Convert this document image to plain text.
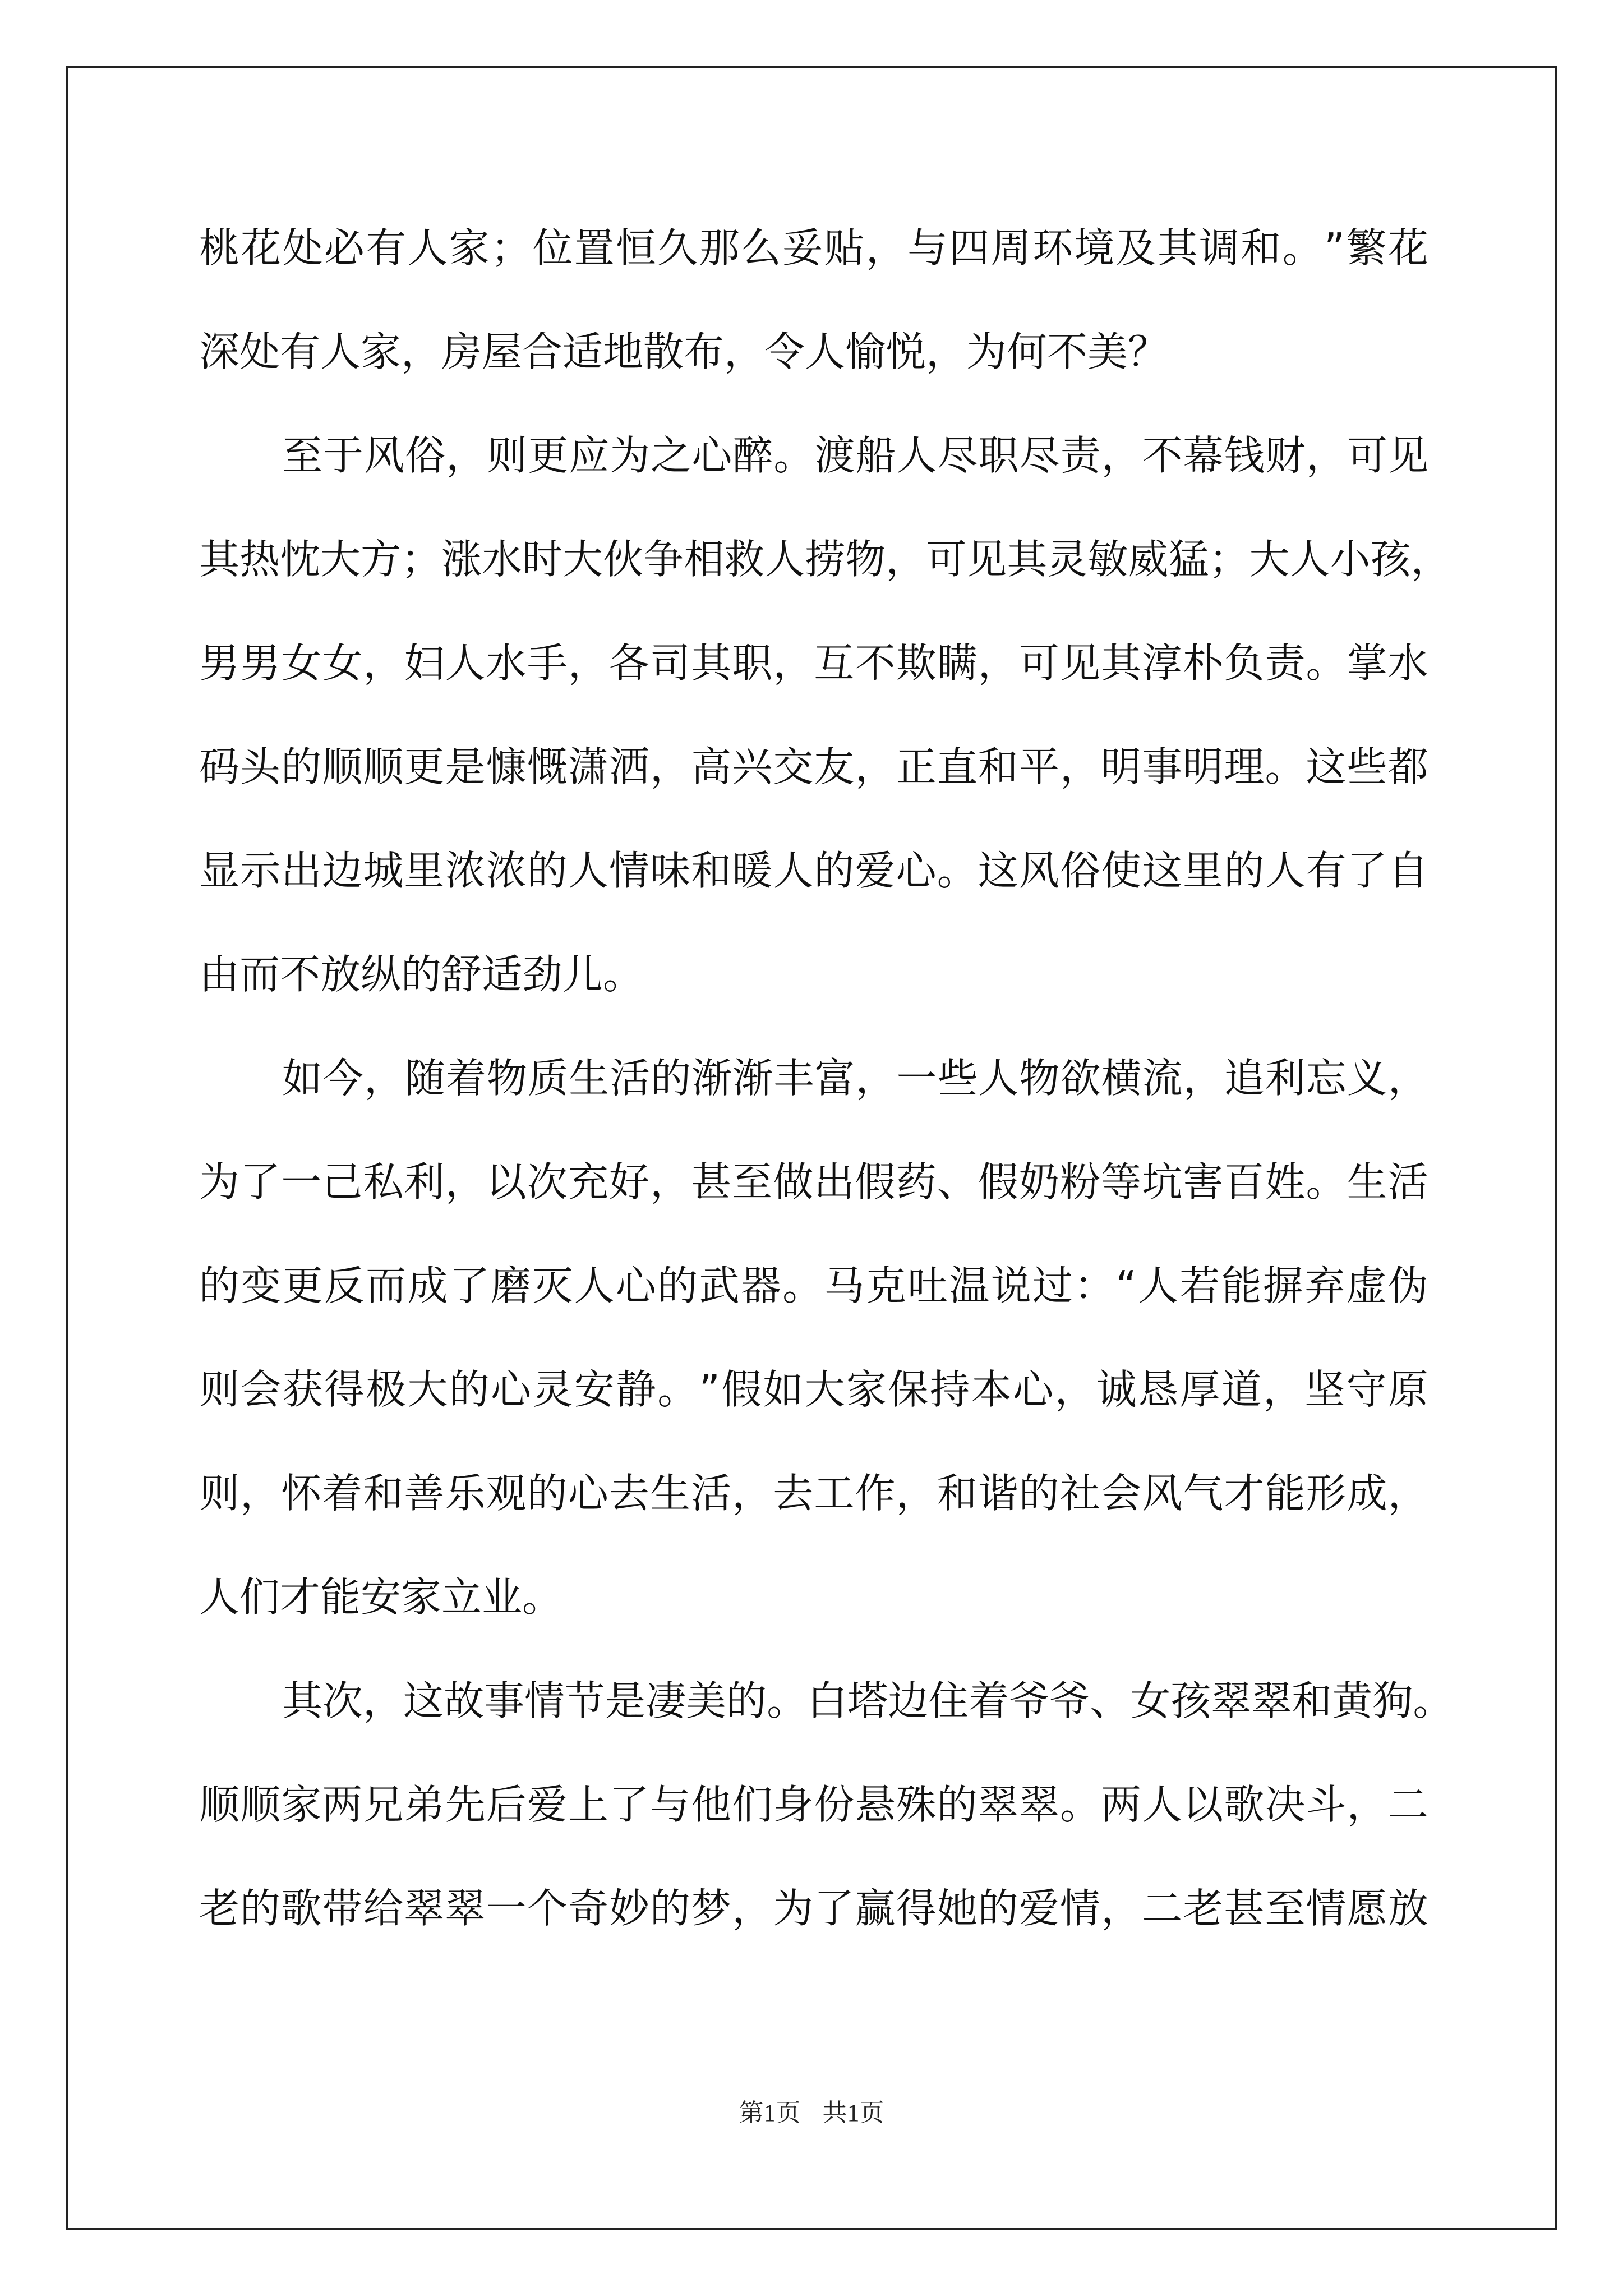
桃 花 处 必 有 人 家 ； 位 置 恒 久 那 么 妥 贴 ， 与 四 周 环 境 及 其 调 和 。 ” 繁 花
深处有人家，房屋合适地散布，令人愉悦，为何不美？
至 于 风 俗 ， 则 更 应 为 之 心 醉 。 渡 船 人 尽 职 尽 责 ， 不 幕 钱 财 ， 可 见
其 热 忱 大 方 ； 涨 水 时 大 伙 争 相 救 人 捞 物 ， 可 见 其 灵 敏 威 猛 ； 大 人 小 孩 ，
男 男 女 女 ， 妇 人 水 手 ， 各 司 其 职 ， 互 不 欺 瞒 ， 可 见 其 淳 朴 负 责 。 掌 水
码 头 的 顺 顺 更 是 慷 慨 潇 洒 ， 高 兴 交 友 ， 正 直 和 平 ， 明 事 明 理 。 这 些 都
显 示 出 边 城 里 浓 浓 的 人 情 味 和 暖 人 的 爱 心 。 这 风 俗 使 这 里 的 人 有 了 自
由而不放纵的舒适劲儿。
如 今 ， 随 着 物 质 生 活 的 渐 渐 丰 富 ， 一 些 人 物 欲 横 流 ， 追 利 忘 义 ，
为 了 一 己 私 利 ， 以 次 充 好 ， 甚 至 做 出 假 药 、 假 奶 粉 等 坑 害 百 姓 。 生 活
的 变 更 反 而 成 了 磨 灭 人 心 的 武 器 。 马 克 吐 温 说 过 ： “ 人 若 能 摒 弃 虚 伪
则 会 获 得 极 大 的 心 灵 安 静 。 ” 假 如 大 家 保 持 本 心 ， 诚 恳 厚 道 ， 坚 守 原
则 ， 怀 着 和 善 乐 观 的 心 去 生 活 ， 去 工 作 ， 和 谐 的 社 会 风 气 才 能 形 成 ，
人们才能安家立业。
其 次 ， 这 故 事 情 节 是 凄 美 的 。 白 塔 边 住 着 爷 爷 、 女 孩 翠 翠 和 黄 狗 。
顺 顺 家 两 兄 弟 先 后 爱 上 了 与 他 们 身 份 悬 殊 的 翠 翠 。 两 人 以 歌 决 斗 ， 二
老 的 歌 带 给 翠 翠 一 个 奇 妙 的 梦 ， 为 了 赢 得 她 的 爱 情 ， 二 老 甚 至 情 愿 放
第1页 共1页
